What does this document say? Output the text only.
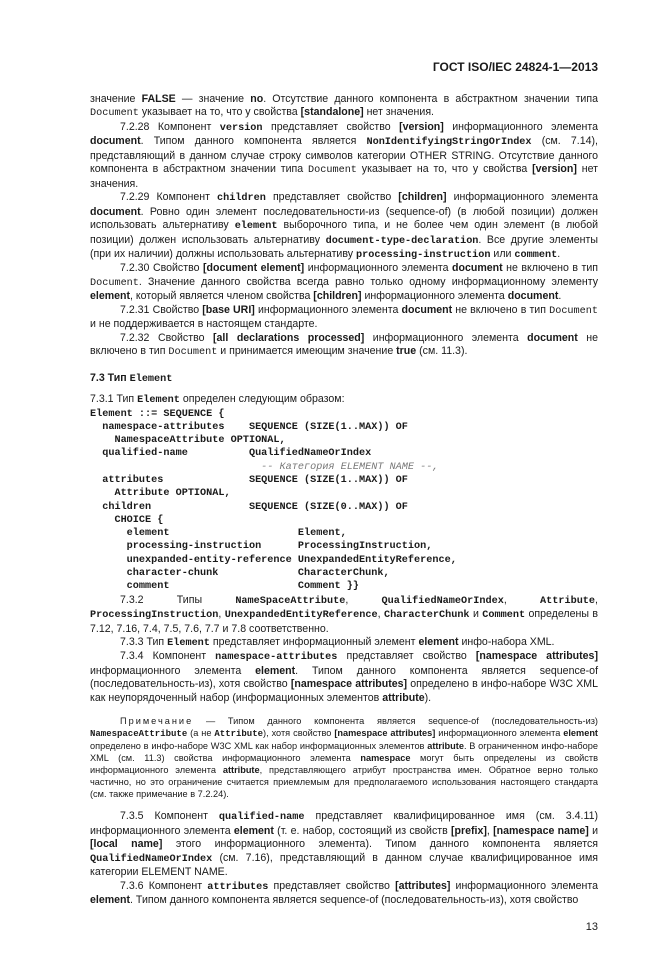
ГОСТ ISO/IEC 24824-1—2013

значение FALSE — значение no. Отсутствие данного компонента в абстрактном значении типа Document указывает на то, что у свойства [standalone] нет значения.

7.2.28 Компонент version представляет свойство [version] информационного элемента document. Типом данного компонента является NonIdentifyingStringOrIndex (см. 7.14), представляющий в данном случае строку символов категории OTHER STRING. Отсутствие данного компонента в абстрактном значении типа Document указывает на то, что у свойства [version] нет значения.

7.2.29 Компонент children представляет свойство [children] информационного элемента document. Ровно один элемент последовательности-из (sequence-of) (в любой позиции) должен использовать альтернативу element выборочного типа, и не более чем один элемент (в любой позиции) должен использовать альтернативу document-type-declaration. Все другие элементы (при их наличии) должны использовать альтернативу processing-instruction или comment.

7.2.30 Свойство [document element] информационного элемента document не включено в тип Document. Значение данного свойства всегда равно только одному информационному элементу element, который является членом свойства [children] информационного элемента document.

7.2.31 Свойство [base URI] информационного элемента document не включено в тип Document и не поддерживается в настоящем стандарте.

7.2.32 Свойство [all declarations processed] информационного элемента document не включено в тип Document и принимается имеющим значение true (см. 11.3).

7.3 Тип Element

7.3.1 Тип Element определен следующим образом:

Element ::= SEQUENCE {
namespace-attributes    SEQUENCE (SIZE(1..MAX)) OF
NamespaceAttribute OPTIONAL,
qualified-name          QualifiedNameOrIndex
-- Категория ELEMENT NAME --,
attributes              SEQUENCE (SIZE(1..MAX)) OF
Attribute OPTIONAL,
children                SEQUENCE (SIZE(0..MAX)) OF
CHOICE {
element                     Element,
processing-instruction      ProcessingInstruction,
unexpanded-entity-reference UnexpandedEntityReference,
character-chunk             CharacterChunk,
comment                     Comment }}

7.3.2 Типы NameSpaceAttribute, QualifiedNameOrIndex, Attribute, ProcessingInstruction, UnexpandedEntityReference, CharacterChunk и Comment определены в 7.12, 7.16, 7.4, 7.5, 7.6, 7.7 и 7.8 соответственно.

7.3.3 Тип Element представляет информационный элемент element инфо-набора XML.

7.3.4 Компонент namespace-attributes представляет свойство [namespace attributes] информационного элемента element. Типом данного компонента является sequence-of (последовательность-из), хотя свойство [namespace attributes] определено в инфо-наборе W3C XML как неупорядоченный набор (информационных элементов attribute).

Примечание — Типом данного компонента является sequence-of (последовательность-из) NamespaceAttribute (а не Attribute), хотя свойство [namespace attributes] информационного элемента element определено в инфо-наборе W3C XML как набор информационных элементов attribute. В ограниченном инфо-наборе XML (см. 11.3) свойства информационного элемента namespace могут быть определены из свойств информационного элемента attribute, представляющего атрибут пространства имен. Обратное верно только частично, но это ограничение считается приемлемым для предполагаемого использования настоящего стандарта (см. также примечание в 7.2.24).

7.3.5 Компонент qualified-name представляет квалифицированное имя (см. 3.4.11) информационного элемента element (т. е. набор, состоящий из свойств [prefix], [namespace name] и [local name] этого информационного элемента). Типом данного компонента является QualifiedNameOrIndex (см. 7.16), представляющий в данном случае квалифицированное имя категории ELEMENT NAME.

7.3.6 Компонент attributes представляет свойство [attributes] информационного элемента element. Типом данного компонента является sequence-of (последовательность-из), хотя свойство

13
